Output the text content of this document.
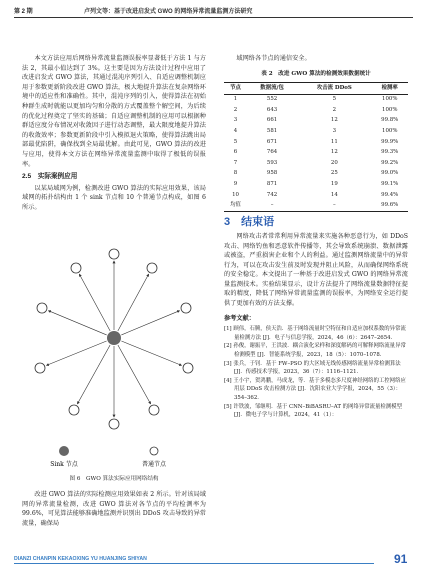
第 2 期	卢列文等：基于改进启发式 GWO 的网络异常流量监测方法研究

本文方法应用后网络异常流量监测误报率显著低于方法 1 与方法 2，其最小值达到了 3%。这主要是因为方法设计过程中应用了改进启发式 GWO 算法，其通过混沌序列引入、自适应调整机制应用于参数更新阶段改进 GWO 算法，极大地提升算法在复杂网络环境中的适应性和准确性。其中，混沌序列的引入，使得算法在初始种群生成时就能以更加均匀和分散的方式覆盖整个解空间，为后续的优化过程奠定了坚实的基础；自适应调整机制的应用可以根据种群适应度分布情况对收敛因子进行动态调整，最大限度地提升算法的收敛效率；参数更新阶段中引入模拟退火策略，使得算法跳出局部最优陷阱，确保找到全局最优解。由此可见，GWO 算法的改进与应用，使得本文方法在网络异常流量监测中取得了极低的误报率。

2.5　实际案例应用

以某局域网为例，检测改进 GWO 算法的实际应用效果，该局域网的拓扑结构由 1 个 sink 节点和 10 个普通节点构成，如图 6 所示。

Sink 节点	普通节点
图 6　GWO 算法实际应用网络结构

改进 GWO 算法的实际检测应用效果如表 2 所示。针对该局域网的异常流量检测，改进 GWO 算法对各节点的平均检测率为 99.6%，可见算法能够准确地监测并识别出 DDoS 攻击导致的异常流量，确保局

域网络各节点的通信安全。

表 2　改进 GWO 算法的检测效果数据统计
节点	数据流/包	攻击流 DDoS	检测率
1	552	5	100%
2	643	2	100%
3	661	12	99.8%
4	581	3	100%
5	671	11	99.9%
6	764	12	99.3%
7	593	20	99.2%
8	958	25	99.0%
9	871	19	99.1%
10	742	14	99.4%
均值	–	–	99.6%
3　结束语

网络攻击者常常利用异常流量来实施各种恶意行为，如 DDoS 攻击、网络钓鱼和恶意软件传播等，其会导致系统崩溃、数据泄露或被盗，严重损害企业和个人的利益。通过监测网络流量中的异常行为，可以在攻击发生前及时发现并阻止风险，从而确保网络系统的安全稳定。本文提出了一种基于改进启发式 GWO 的网络异常流量监测技术。实验结果显示，设计方法提升了网络流量数据特征提取的精度，降低了网络异常流量监测的误报率，为网络安全运行提供了更加有效的方法支撑。

参考文献：
[1] 顾伟，石腾，侯天浩．基于网络流量时空特征和自适应加权系数的异常流量检测方法 [J]．电子与信息学报，2024，46（6）：2647–2654．
[2] 孙俊，谢振平，王洪波．耦合演化采样和深度解码的可解释网络流量异常检测模型 [J]．智能系统学报，2023，18（5）：1070–1078．
[3] 张兵，于钊．基于 FW–PSO 的大区域无线传感网络流量异常检测算法 [J]．传感技术学报，2023，36（7）：1116–1121．
[4] 王小宇，贺鸿鹏，马成龙，等．基于多模态多尺度神经网络的工控网络应用层 DDoS 攻击检测方法 [J]．沈阳农业大学学报，2024，55（3）：354–362．
[5] 许铁波，邹继明．基于 CNN–BiBASRU–AT 的网络异常流量检测模型 [J]．微电子学与计算机，2024，41（1）：
DIANZI CHANPIN KEKAOXING YU HUANJING SHIYAN	91
